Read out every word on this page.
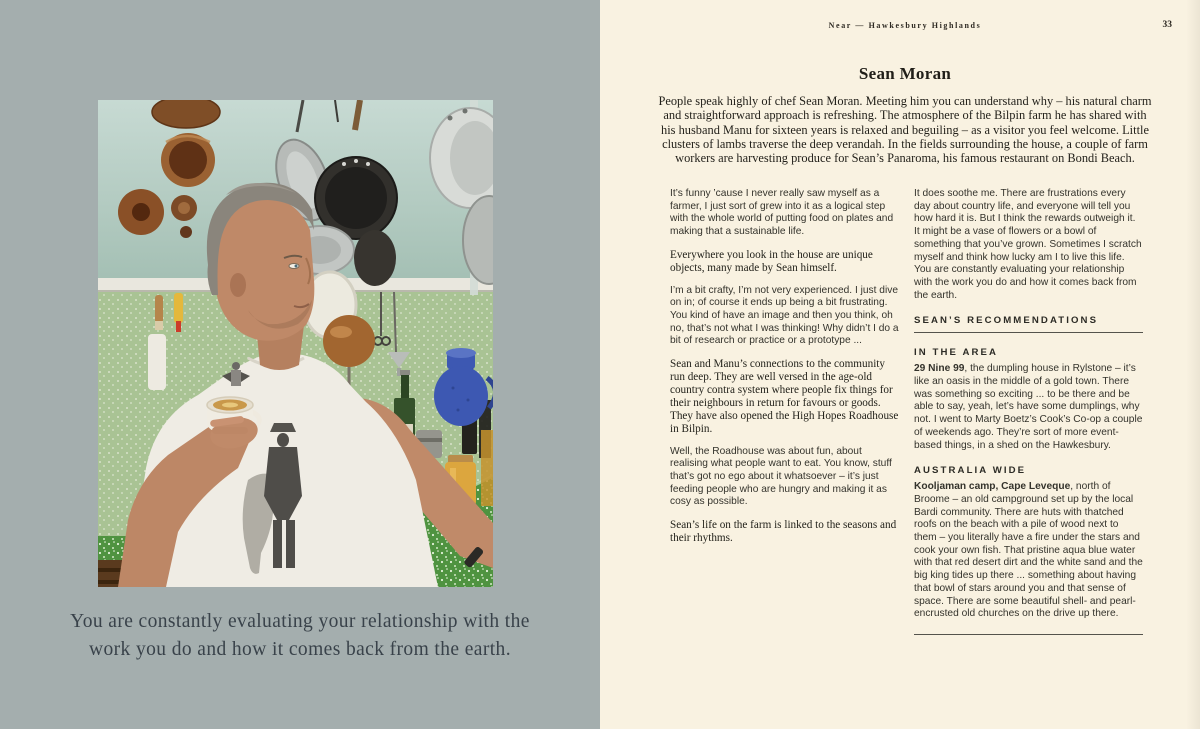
You are constantly evaluating your relationship with the work you do and how it comes back from the earth.
Near — Hawkesbury Highlands	33
Sean Moran

People speak highly of chef Sean Moran. Meeting him you can understand why – his natural charm and straightforward approach is refreshing. The atmosphere of the Bilpin farm he has shared with his husband Manu for sixteen years is relaxed and beguiling – as a visitor you feel welcome. Little clusters of lambs traverse the deep verandah. In the fields surrounding the house, a couple of farm workers are harvesting produce for Sean’s Panaroma, his famous restaurant on Bondi Beach.

It’s funny ’cause I never really saw myself as a farmer, I just sort of grew into it as a logical step with the whole world of putting food on plates and making that a sustainable life.

Everywhere you look in the house are unique objects, many made by Sean himself.

I’m a bit crafty, I’m not very experienced. I just dive on in; of course it ends up being a bit frustrating. You kind of have an image and then you think, oh no, that’s not what I was thinking! Why didn’t I do a bit of research or practice or a prototype ...

Sean and Manu’s connections to the community run deep. They are well versed in the age-old country contra system where people fix things for their neighbours in return for favours or goods. They have also opened the High Hopes Roadhouse in Bilpin.

Well, the Roadhouse was about fun, about realising what people want to eat. You know, stuff that’s got no ego about it whatsoever – it’s just feeding people who are hungry and making it as cosy as possible.

Sean’s life on the farm is linked to the seasons and their rhythms.

It does soothe me. There are frustrations every day about country life, and everyone will tell you how hard it is. But I think the rewards outweigh it. It might be a vase of flowers or a bowl of something that you’ve grown. Sometimes I scratch myself and think how lucky am I to live this life. You are constantly evaluating your relationship with the work you do and how it comes back from the earth.

SEAN’S RECOMMENDATIONS
IN THE AREA

29 Nine 99, the dumpling house in Rylstone – it’s like an oasis in the middle of a gold town. There was something so exciting ... to be there and be able to say, yeah, let’s have some dumplings, why not. I went to Marty Boetz’s Cook’s Co-op a couple of weekends ago. They’re sort of more event-based things, in a shed on the Hawkesbury.

AUSTRALIA WIDE

Kooljaman camp, Cape Leveque, north of Broome – an old campground set up by the local Bardi community. There are huts with thatched roofs on the beach with a pile of wood next to them – you literally have a fire under the stars and cook your own fish. That pristine aqua blue water with that red desert dirt and the white sand and the big king tides up there ... something about having that bowl of stars around you and that sense of space. There are some beautiful shell- and pearl-encrusted old churches on the drive up there.
